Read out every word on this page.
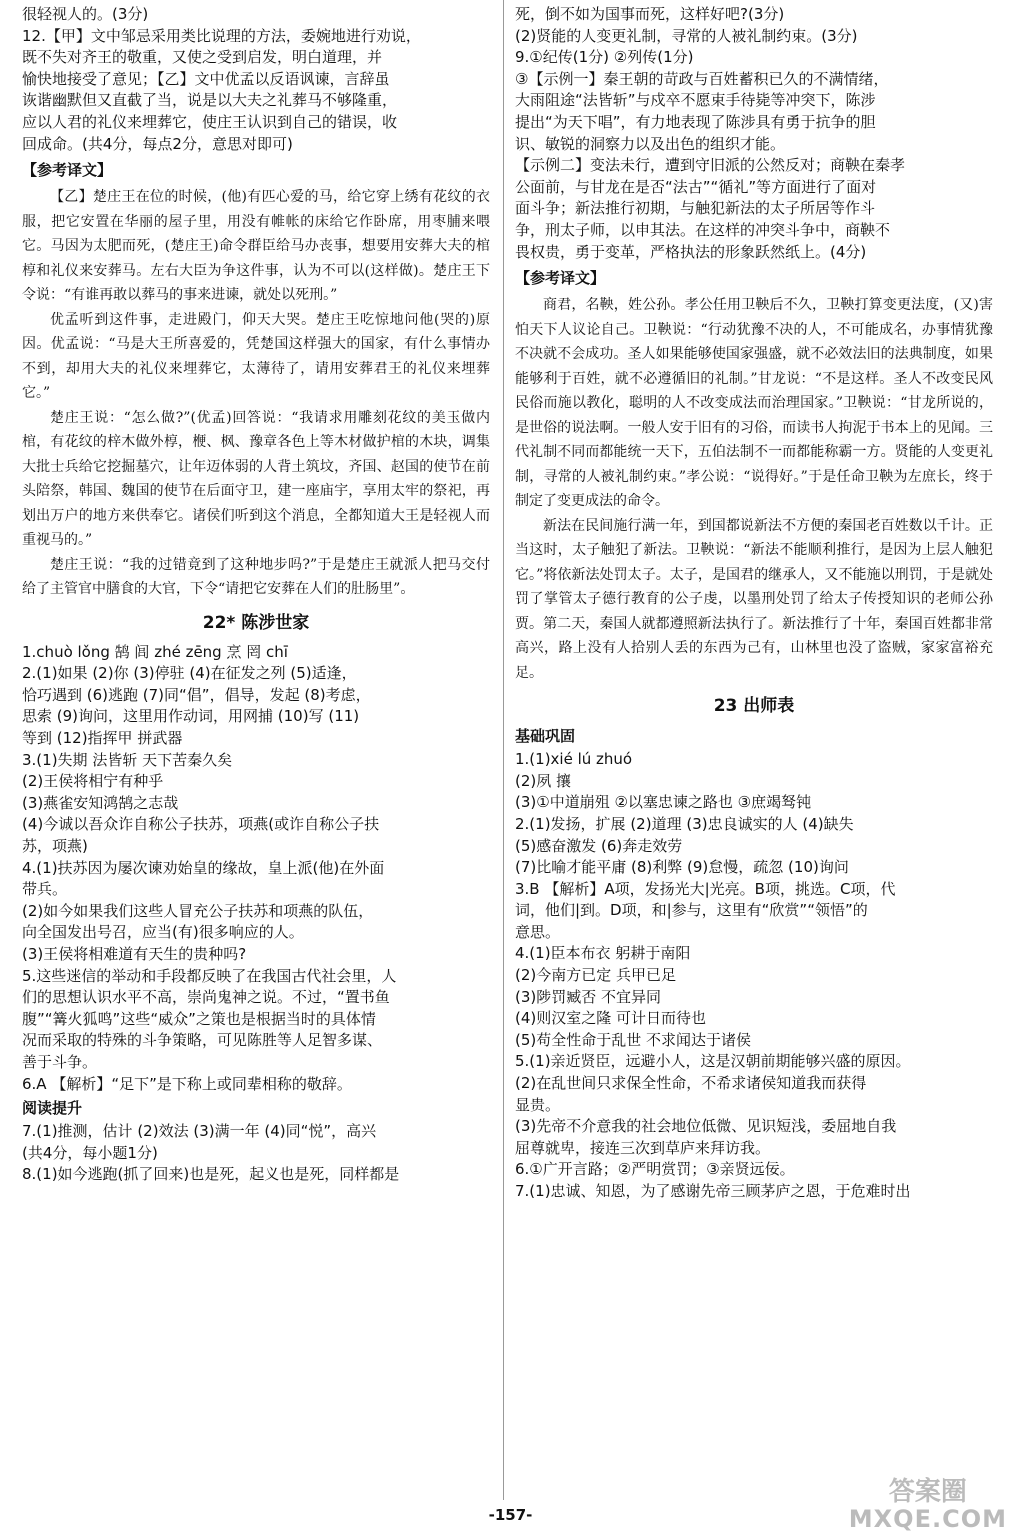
很轻视人的。(3分)

12.【甲】文中邹忌采用类比说理的方法，委婉地进行劝说，
既不失对齐王的敬重，又使之受到启发，明白道理，并
愉快地接受了意见；【乙】文中优孟以反语讽谏，言辞虽
诙谐幽默但又直截了当，说是以大夫之礼葬马不够隆重，
应以人君的礼仪来埋葬它，使庄王认识到自己的错误，收
回成命。(共4分，每点2分，意思对即可)

【参考译文】

【乙】楚庄王在位的时候，(他)有匹心爱的马，给它穿上绣有花纹的衣服，把它安置在华丽的屋子里，用没有帷帐的床给它作卧席，用枣脯来喂它。马因为太肥而死，(楚庄王)命令群臣给马办丧事，想要用安葬大夫的棺椁和礼仪来安葬马。左右大臣为争这件事，认为不可以(这样做)。楚庄王下令说：“有谁再敢以葬马的事来进谏，就处以死刑。”

优孟听到这件事，走进殿门，仰天大哭。楚庄王吃惊地问他(哭的)原因。优孟说：“马是大王所喜爱的，凭楚国这样强大的国家，有什么事情办不到，却用大夫的礼仪来埋葬它，太薄待了，请用安葬君王的礼仪来埋葬它。”

楚庄王说：“怎么做?”(优孟)回答说：“我请求用雕刻花纹的美玉做内棺，有花纹的梓木做外椁，楩、枫、豫章各色上等木材做护棺的木块，调集大批士兵给它挖掘墓穴，让年迈体弱的人背土筑坟，齐国、赵国的使节在前头陪祭，韩国、魏国的使节在后面守卫，建一座庙宇，享用太牢的祭祀，再划出万户的地方来供奉它。诸侯们听到这个消息，全都知道大王是轻视人而重视马的。”

楚庄王说：“我的过错竟到了这种地步吗?”于是楚庄王就派人把马交付给了主管官中膳食的大官，下令“请把它安葬在人们的肚肠里”。

22* 陈涉世家

1.chuò lǒng 鹄 闾 zhé zēng 烹 罔 chī

2.(1)如果 (2)你 (3)停驻 (4)在征发之列 (5)适逢，
恰巧遇到 (6)逃跑 (7)同“倡”，倡导，发起 (8)考虑，
思索 (9)询问，这里用作动词，用网捕 (10)写 (11)
等到 (12)指挥甲 拼武器

3.(1)失期 法皆斩 天下苦秦久矣
(2)王侯将相宁有种乎
(3)燕雀安知鸿鹄之志哉
(4)今诚以吾众诈自称公子扶苏，项燕(或诈自称公子扶
苏，项燕)

4.(1)扶苏因为屡次谏劝始皇的缘故，皇上派(他)在外面
带兵。
(2)如今如果我们这些人冒充公子扶苏和项燕的队伍，
向全国发出号召，应当(有)很多响应的人。
(3)王侯将相难道有天生的贵种吗?

5.这些迷信的举动和手段都反映了在我国古代社会里，人
们的思想认识水平不高，崇尚鬼神之说。不过，“置书鱼
腹”“篝火狐鸣”这些“威众”之策也是根据当时的具体情
况而采取的特殊的斗争策略，可见陈胜等人足智多谋、
善于斗争。

6.A 【解析】“足下”是下称上或同辈相称的敬辞。

阅读提升

7.(1)推测，估计 (2)效法 (3)满一年 (4)同“悦”，高兴
(共4分，每小题1分)

8.(1)如今逃跑(抓了回来)也是死，起义也是死，同样都是

死，倒不如为国事而死，这样好吧?(3分)
(2)贤能的人变更礼制，寻常的人被礼制约束。(3分)

9.①纪传(1分) ②列传(1分)

③【示例一】秦王朝的苛政与百姓蓄积已久的不满情绪，
大雨阻途“法皆斩”与戍卒不愿束手待毙等冲突下，陈涉
提出“为天下唱”，有力地表现了陈涉具有勇于抗争的胆
识、敏锐的洞察力以及出色的组织才能。

【示例二】变法未行，遭到守旧派的公然反对；商鞅在秦孝
公面前，与甘龙在是否“法古”“循礼”等方面进行了面对
面斗争；新法推行初期，与触犯新法的太子所居等作斗
争，刑太子师，以申其法。在这样的冲突斗争中，商鞅不
畏权贵，勇于变革，严格执法的形象跃然纸上。(4分)

【参考译文】

商君，名鞅，姓公孙。孝公任用卫鞅后不久，卫鞅打算变更法度，(又)害怕天下人议论自己。卫鞅说：“行动犹豫不决的人，不可能成名，办事情犹豫不决就不会成功。圣人如果能够使国家强盛，就不必效法旧的法典制度，如果能够利于百姓，就不必遵循旧的礼制。”甘龙说：“不是这样。圣人不改变民风民俗而施以教化，聪明的人不改变成法而治理国家。”卫鞅说：“甘龙所说的，是世俗的说法啊。一般人安于旧有的习俗，而读书人拘泥于书本上的见闻。三代礼制不同而都能统一天下，五伯法制不一而都能称霸一方。贤能的人变更礼制，寻常的人被礼制约束。”孝公说：“说得好。”于是任命卫鞅为左庶长，终于制定了变更成法的命令。

新法在民间施行满一年，到国都说新法不方便的秦国老百姓数以千计。正当这时，太子触犯了新法。卫鞅说：“新法不能顺利推行，是因为上层人触犯它。”将依新法处罚太子。太子，是国君的继承人，又不能施以刑罚，于是就处罚了掌管太子德行教育的公子虔，以墨刑处罚了给太子传授知识的老师公孙贾。第二天，秦国人就都遵照新法执行了。新法推行了十年，秦国百姓都非常高兴，路上没有人拾别人丢的东西为己有，山林里也没了盗贼，家家富裕充足。

23 出师表
基础巩固

1.(1)xié lú zhuó
(2)夙 攘
(3)①中道崩殂 ②以塞忠谏之路也 ③庶竭驽钝

2.(1)发扬，扩展 (2)道理 (3)忠良诚实的人 (4)缺失
(5)感奋激发 (6)奔走效劳
(7)比喻才能平庸 (8)利弊 (9)怠慢，疏忽 (10)询问

3.B 【解析】A项，发扬光大|光亮。B项，挑选。C项，代
词，他们|到。D项，和|参与，这里有“欣赏”“领悟”的
意思。

4.(1)臣本布衣 躬耕于南阳
(2)今南方已定 兵甲已足
(3)陟罚臧否 不宜异同
(4)则汉室之隆 可计日而待也
(5)苟全性命于乱世 不求闻达于诸侯

5.(1)亲近贤臣，远避小人，这是汉朝前期能够兴盛的原因。
(2)在乱世间只求保全性命，不希求诸侯知道我而获得
显贵。
(3)先帝不介意我的社会地位低微、见识短浅，委屈地自我
屈尊就卑，接连三次到草庐来拜访我。

6.①广开言路；②严明赏罚；③亲贤远佞。

7.(1)忠诚、知恩，为了感谢先帝三顾茅庐之恩，于危难时出

-157-
答案圈
MXQE.COM
